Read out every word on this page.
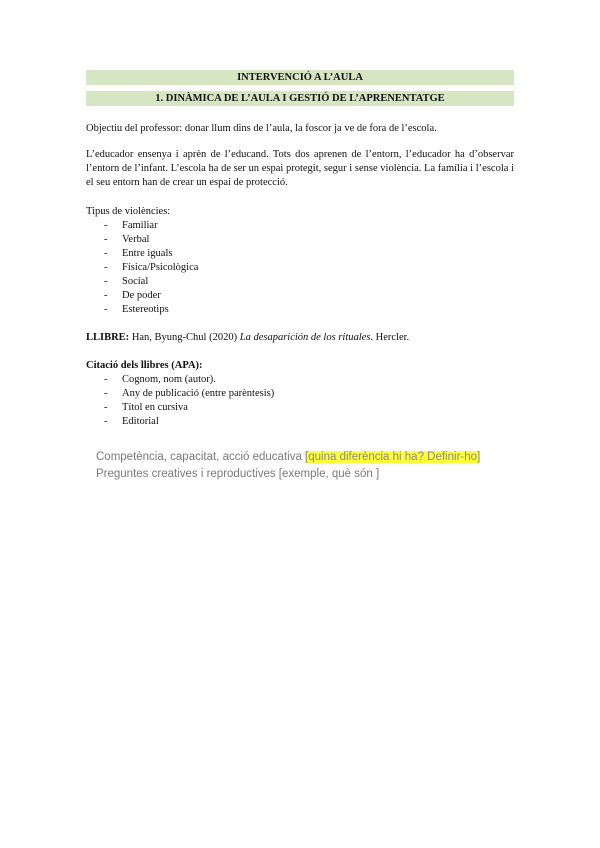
INTERVENCIÓ A L’AULA
1. DINÀMICA DE L’AULA I GESTIÓ DE L’APRENENTATGE
Objectiu del professor: donar llum dins de l’aula, la foscor ja ve de fora de l’escola.
L’educador ensenya i aprèn de l’educand. Tots dos aprenen de l’entorn, l’educador ha d’observar l’entorn de l’infant. L’escola ha de ser un espai protegit, segur i sense violència. La família i l’escola i el seu entorn han de crear un espai de protecció.
Tipus de violències:
- Familiar
- Verbal
- Entre iguals
- Física/Psicològica
- Social
- De poder
- Estereotips
LLIBRE: Han, Byung-Chul (2020) La desaparición de los rituales. Hercler.
Citació dels llibres (APA):
- Cognom, nom (autor).
- Any de publicació (entre parèntesis)
- Títol en cursiva
- Editorial
Competència, capacitat, acció educativa [quina diferència hi ha? Definir-ho]
Preguntes creatives i reproductives [exemple, què són ]
